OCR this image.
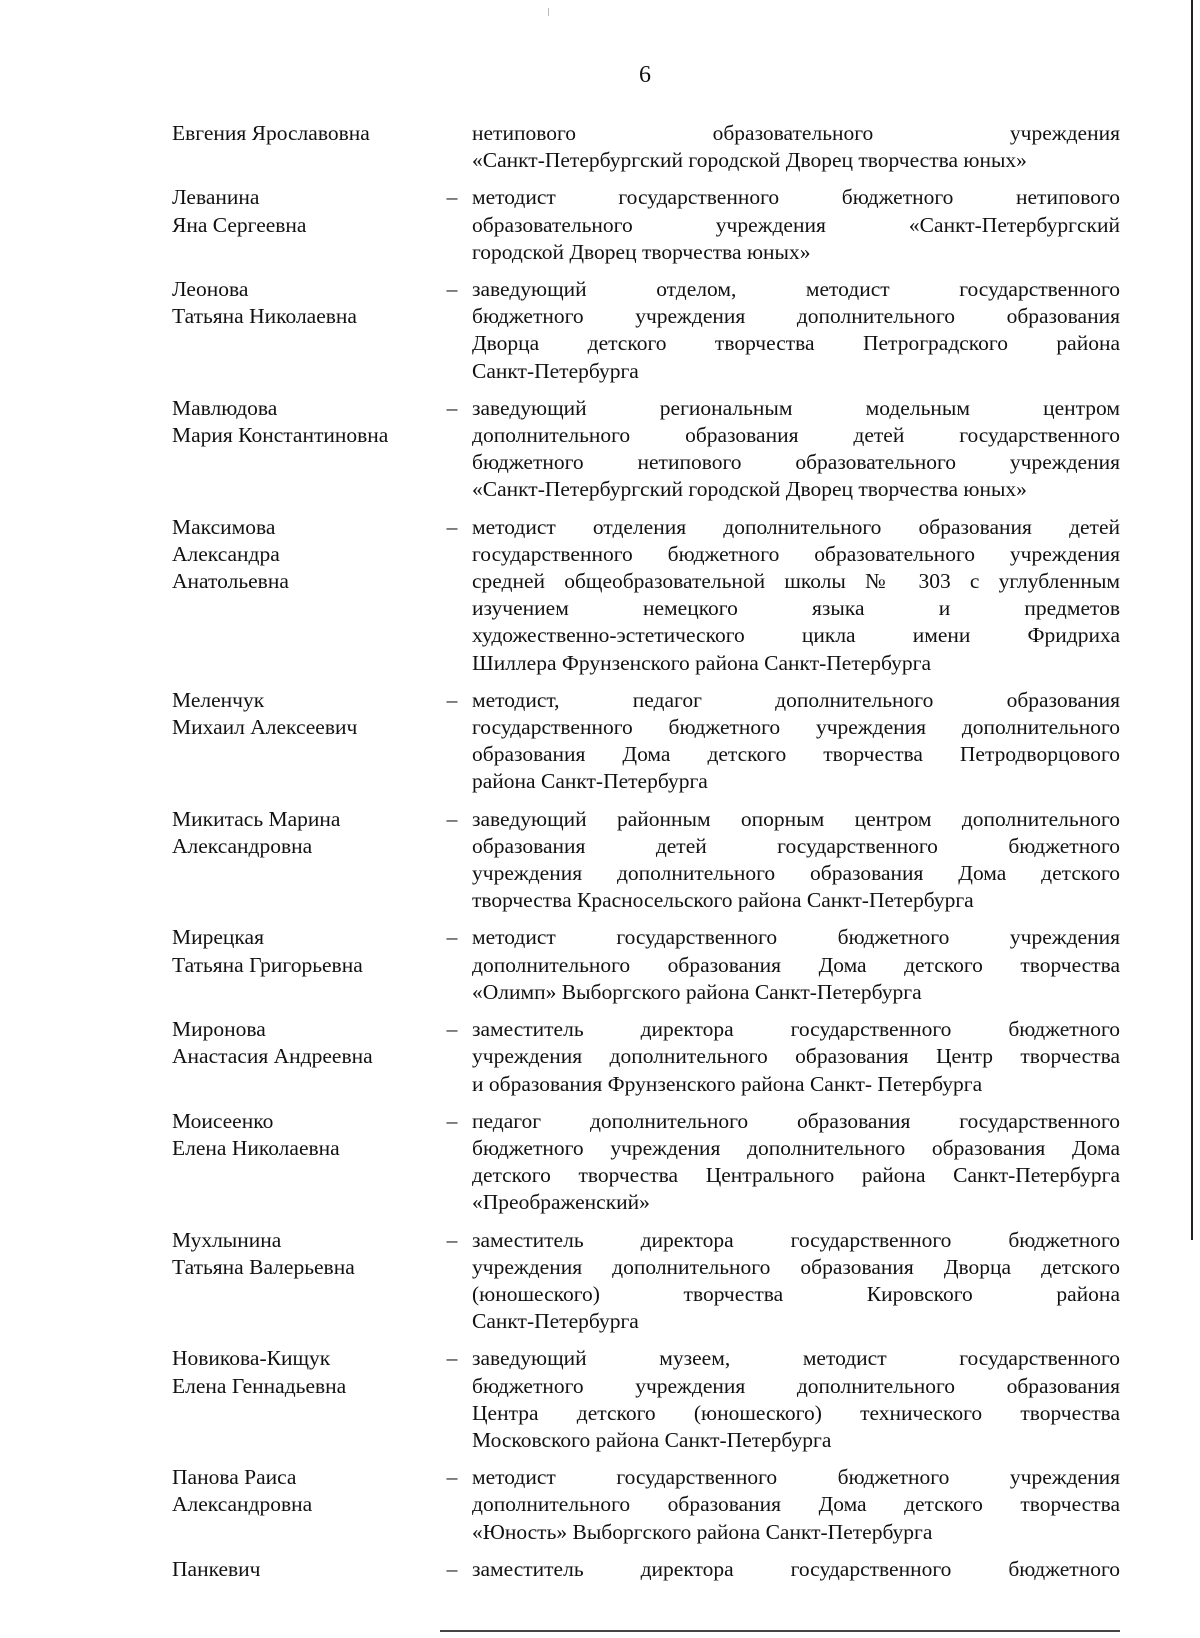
6
Евгения Ярославовна	нетипового образовательного учреждения
«Санкт-Петербургский городской Дворец творчества юных»
Леванина
Яна Сергеевна
– методист государственного бюджетного нетипового
образовательного учреждения «Санкт-Петербургский
городской Дворец творчества юных»
Леонова
Татьяна Николаевна
– заведующий отделом, методист государственного
бюджетного учреждения дополнительного образования
Дворца детского творчества Петроградского района
Санкт-Петербурга
Мавлюдова
Мария Константиновна
– заведующий региональным модельным центром
дополнительного образования детей государственного
бюджетного нетипового образовательного учреждения
«Санкт-Петербургский городской Дворец творчества юных»
Максимова
Александра
Анатольевна
– методист отделения дополнительного образования детей
государственного бюджетного образовательного учреждения
средней общеобразовательной школы № 303 с углубленным
изучением немецкого языка и предметов
художественно-эстетического цикла имени Фридриха
Шиллера Фрунзенского района Санкт-Петербурга
Меленчук
Михаил Алексеевич
– методист, педагог дополнительного образования
государственного бюджетного учреждения дополнительного
образования Дома детского творчества Петродворцового
района Санкт-Петербурга
Микитась Марина
Александровна
– заведующий районным опорным центром дополнительного
образования детей государственного бюджетного
учреждения дополнительного образования Дома детского
творчества Красносельского района Санкт-Петербурга
Мирецкая
Татьяна Григорьевна
– методист государственного бюджетного учреждения
дополнительного образования Дома детского творчества
«Олимп» Выборгского района Санкт-Петербурга
Миронова
Анастасия Андреевна
– заместитель директора государственного бюджетного
учреждения дополнительного образования Центр творчества
и образования Фрунзенского района Санкт- Петербурга
Моисеенко
Елена Николаевна
– педагог дополнительного образования государственного
бюджетного учреждения дополнительного образования Дома
детского творчества Центрального района Санкт-Петербурга
«Преображенский»
Мухлынина
Татьяна Валерьевна
– заместитель директора государственного бюджетного
учреждения дополнительного образования Дворца детского
(юношеского) творчества Кировского района
Санкт-Петербурга
Новикова-Кищук
Елена Геннадьевна
– заведующий музеем, методист государственного
бюджетного учреждения дополнительного образования
Центра детского (юношеского) технического творчества
Московского района Санкт-Петербурга
Панова Раиса
Александровна
– методист государственного бюджетного учреждения
дополнительного образования Дома детского творчества
«Юность» Выборгского района Санкт-Петербурга
Панкевич	– заместитель директора государственного бюджетного
